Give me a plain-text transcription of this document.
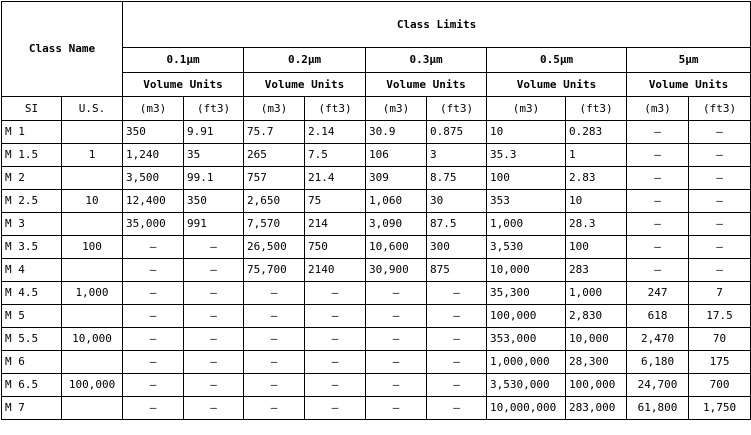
Class Name		Class Limits									
		0.1μm		0.2μm		0.3μm		0.5μm		5μm	
		Volume Units		Volume Units		Volume Units		Volume Units		Volume Units	
SI	U.S.	(m3)	(ft3)	(m3)	(ft3)	(m3)	(ft3)	(m3)	(ft3)	(m3)	(ft3)
M 1		350	9.91	75.7	2.14	30.9	0.875	10	0.283	–	–
M 1.5	1	1,240	35	265	7.5	106	3	35.3	1	–	–
M 2		3,500	99.1	757	21.4	309	8.75	100	2.83	–	–
M 2.5	10	12,400	350	2,650	75	1,060	30	353	10	–	–
M 3		35,000	991	7,570	214	3,090	87.5	1,000	28.3	–	–
M 3.5	100	–	–	26,500	750	10,600	300	3,530	100	–	–
M 4		–	–	75,700	2140	30,900	875	10,000	283	–	–
M 4.5	1,000	–	–	–	–	–	–	35,300	1,000	247	7
M 5		–	–	–	–	–	–	100,000	2,830	618	17.5
M 5.5	10,000	–	–	–	–	–	–	353,000	10,000	2,470	70
M 6		–	–	–	–	–	–	1,000,000	28,300	6,180	175
M 6.5	100,000	–	–	–	–	–	–	3,530,000	100,000	24,700	700
M 7		–	–	–	–	–	–	10,000,000	283,000	61,800	1,750
